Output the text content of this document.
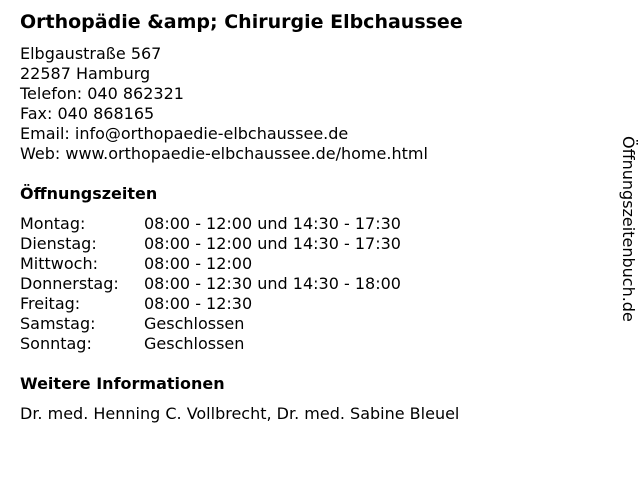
Orthopädie &amp; Chirurgie Elbchaussee
Elbgaustraße 567
22587 Hamburg
Telefon: 040 862321
Fax: 040 868165
Email: info@orthopaedie-elbchaussee.de
Web: www.orthopaedie-elbchaussee.de/home.html
Öffnungszeiten
Montag:	08:00 - 12:00 und 14:30 - 17:30
Dienstag:	08:00 - 12:00 und 14:30 - 17:30
Mittwoch:	08:00 - 12:00
Donnerstag:	08:00 - 12:30 und 14:30 - 18:00
Freitag:	08:00 - 12:30
Samstag:	Geschlossen
Sonntag:	Geschlossen
Weitere Informationen
Dr. med. Henning C. Vollbrecht, Dr. med. Sabine Bleuel
Öffnungszeitenbuch.de
